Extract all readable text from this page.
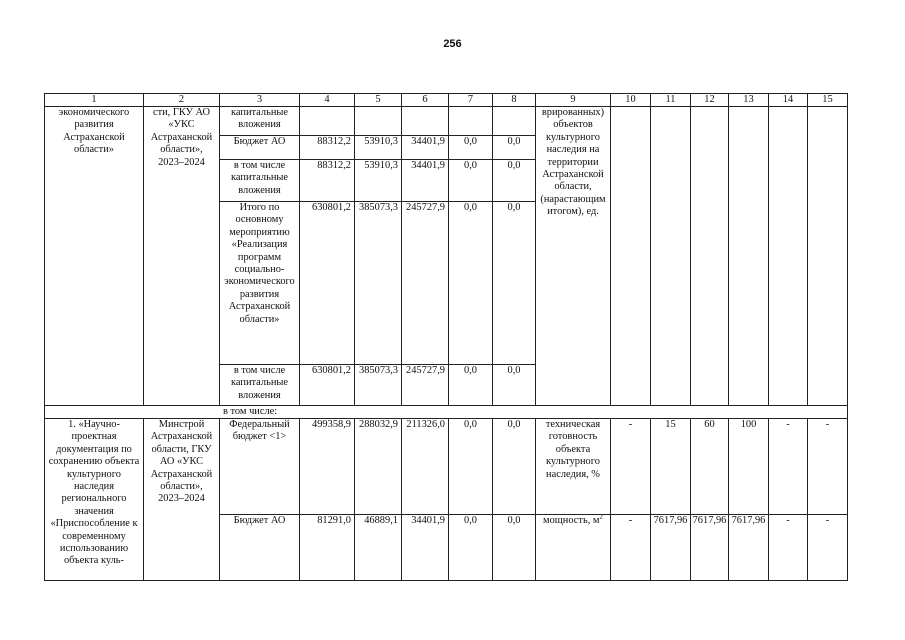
256
1	2	3	4	5	6	7	8	9	10	11	12	13	14	15
экономического развития Астраханской области»	сти, ГКУ АО «УКС Астраханской области», 2023–2024	капитальные вложения						врированных) объектов культурного наследия на территории Астраханской области, (нарастающим итогом), ед.						
		Бюджет АО	88312,2	53910,3	34401,9	0,0	0,0							
		в том числе капитальные вложения	88312,2	53910,3	34401,9	0,0	0,0							
		Итого по основному мероприятию «Реализация программ социально-экономического развития Астраханской области»	630801,2	385073,3	245727,9	0,0	0,0							
		в том числе капитальные вложения	630801,2	385073,3	245727,9	0,0	0,0							
в том числе:														
1. «Научно-проектная документация по сохранению объекта культурного наследия регионального значения «Приспособление к современному использованию объекта куль-	Минстрой Астраханской области, ГКУ АО «УКС Астраханской области», 2023–2024	Федеральный бюджет <1>	499358,9	288032,9	211326,0	0,0	0,0	техническая готовность объекта культурного наследия, %	-	15	60	100	-	-
		Бюджет АО	81291,0	46889,1	34401,9	0,0	0,0	мощность, $м^2$	-	7617,96	7617,96	7617,96	-	-
